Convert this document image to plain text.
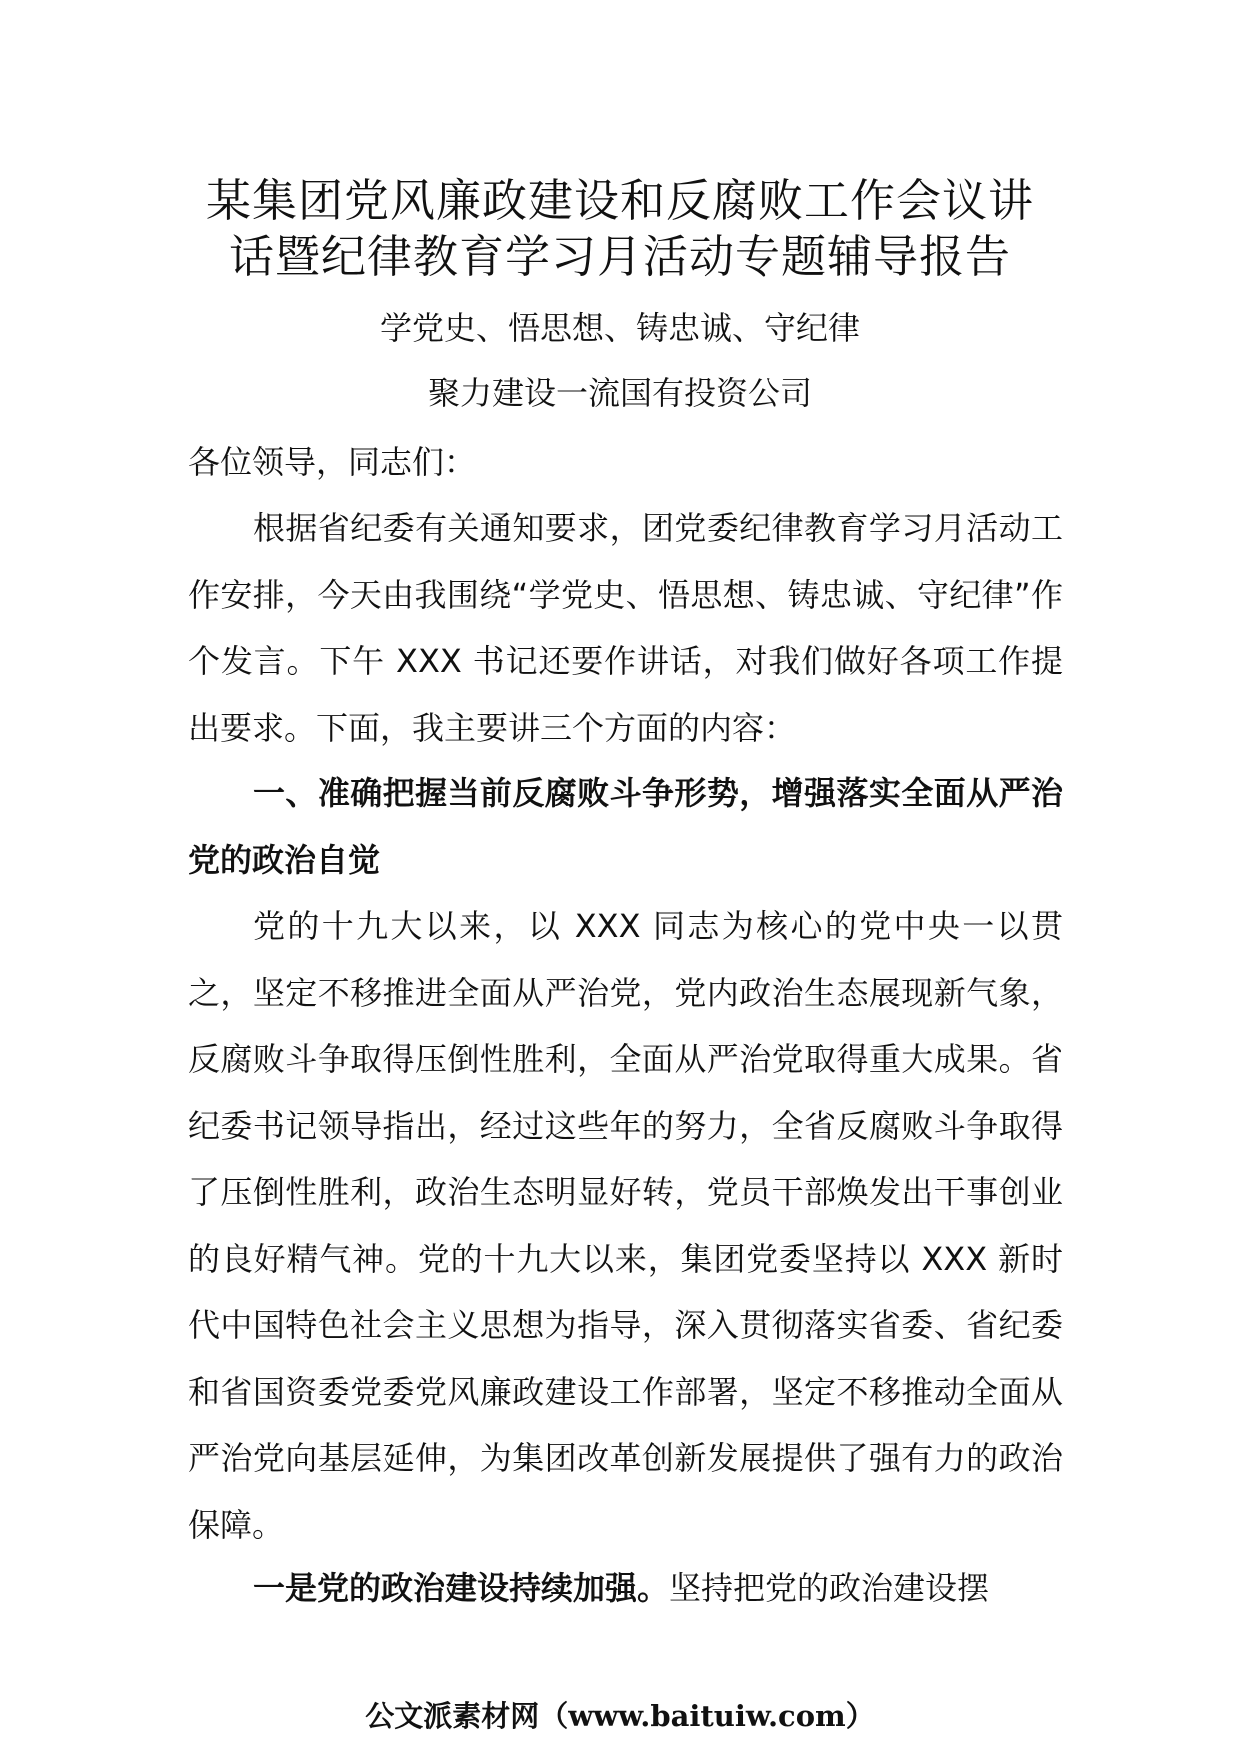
某集团党风廉政建设和反腐败工作会议讲
话暨纪律教育学习月活动专题辅导报告

学党史、悟思想、铸忠诚、守纪律

聚力建设一流国有投资公司

各位领导，同志们：

根据省纪委有关通知要求，团党委纪律教育学习月活动工作安排，今天由我围绕“学党史、悟思想、铸忠诚、守纪律”作个发言。下午 XXX 书记还要作讲话，对我们做好各项工作提出要求。下面，我主要讲三个方面的内容：

一、准确把握当前反腐败斗争形势，增强落实全面从严治党的政治自觉

党的十九大以来，以 XXX 同志为核心的党中央一以贯之，坚定不移推进全面从严治党，党内政治生态展现新气象，反腐败斗争取得压倒性胜利，全面从严治党取得重大成果。省纪委书记领导指出，经过这些年的努力，全省反腐败斗争取得了压倒性胜利，政治生态明显好转，党员干部焕发出干事创业的良好精气神。党的十九大以来，集团党委坚持以 XXX 新时代中国特色社会主义思想为指导，深入贯彻落实省委、省纪委和省国资委党委党风廉政建设工作部署，坚定不移推动全面从严治党向基层延伸，为集团改革创新发展提供了强有力的政治保障。

一是党的政治建设持续加强。坚持把党的政治建设摆

公文派素材网（www.baituiw.com）
